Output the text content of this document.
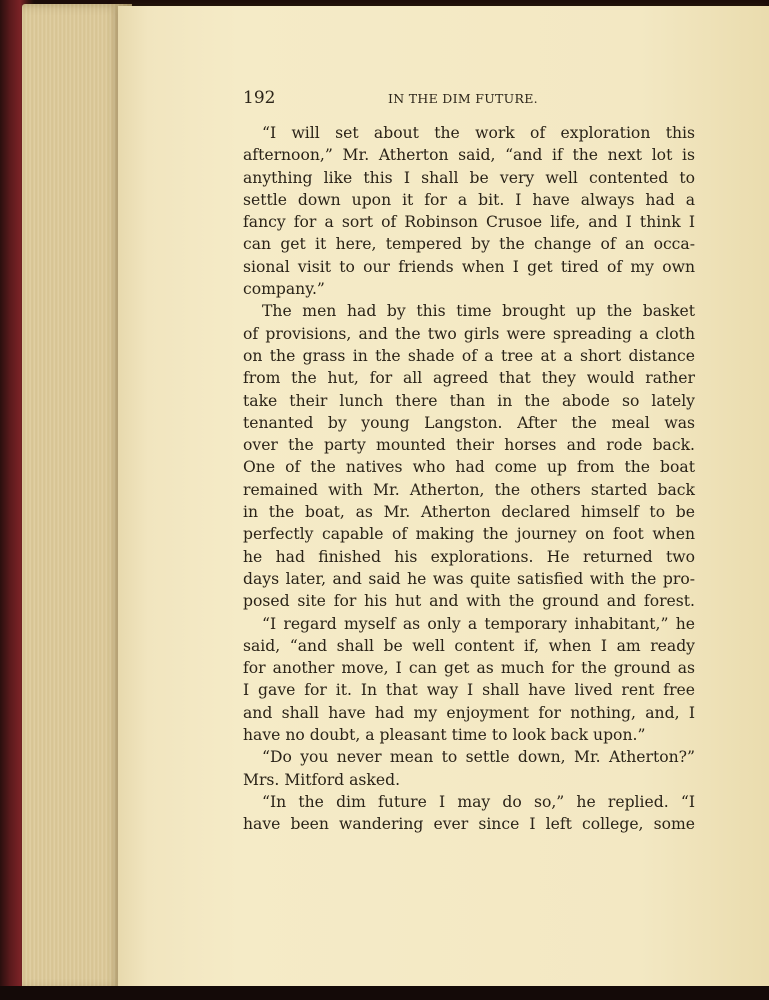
192	IN THE DIM FUTURE.
“I will set about the work of exploration this
afternoon,” Mr. Atherton said, “and if the next lot is
anything like this I shall be very well contented to
settle down upon it for a bit. I have always had a
fancy for a sort of Robinson Crusoe life, and I think I
can get it here, tempered by the change of an occa-
sional visit to our friends when I get tired of my own
company.”
The men had by this time brought up the basket
of provisions, and the two girls were spreading a cloth
on the grass in the shade of a tree at a short distance
from the hut, for all agreed that they would rather
take their lunch there than in the abode so lately
tenanted by young Langston. After the meal was
over the party mounted their horses and rode back.
One of the natives who had come up from the boat
remained with Mr. Atherton, the others started back
in the boat, as Mr. Atherton declared himself to be
perfectly capable of making the journey on foot when
he had finished his explorations. He returned two
days later, and said he was quite satisfied with the pro-
posed site for his hut and with the ground and forest.
“I regard myself as only a temporary inhabitant,” he
said, “and shall be well content if, when I am ready
for another move, I can get as much for the ground as
I gave for it. In that way I shall have lived rent free
and shall have had my enjoyment for nothing, and, I
have no doubt, a pleasant time to look back upon.”
“Do you never mean to settle down, Mr. Atherton?”
Mrs. Mitford asked.
“In the dim future I may do so,” he replied. “I
have been wandering ever since I left college, some
